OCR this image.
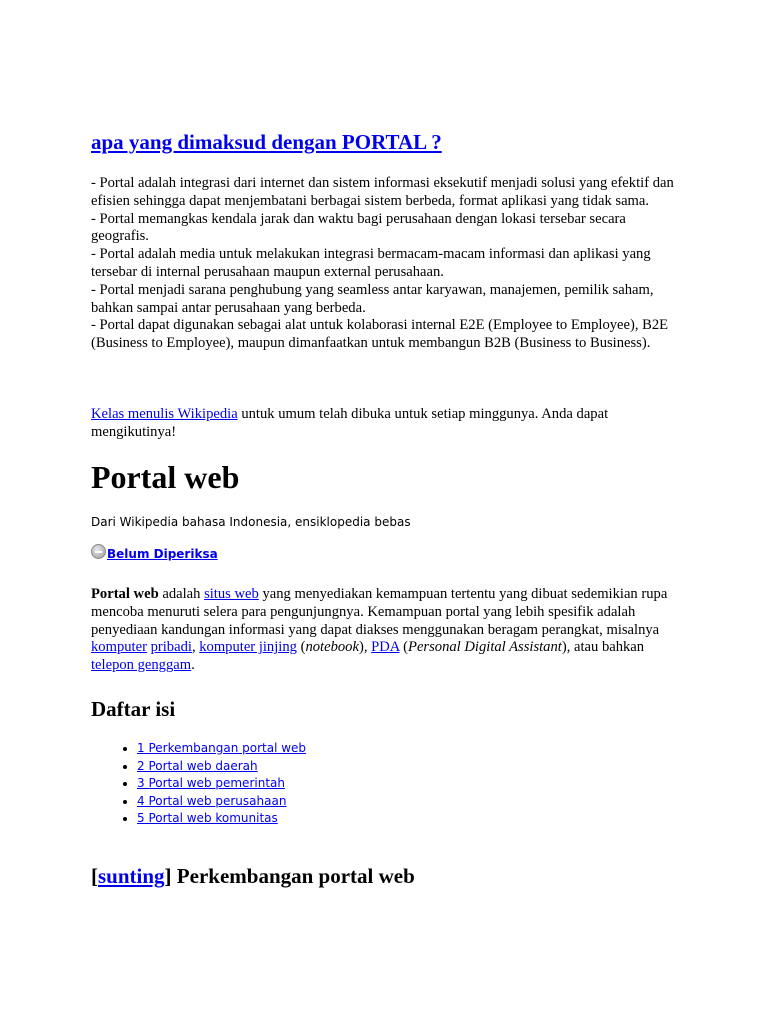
apa yang dimaksud dengan PORTAL ?
- Portal adalah integrasi dari internet dan sistem informasi eksekutif menjadi solusi yang efektif dan efisien sehingga dapat menjembatani berbagai sistem berbeda, format aplikasi yang tidak sama.
- Portal memangkas kendala jarak dan waktu bagi perusahaan dengan lokasi tersebar secara geografis.
- Portal adalah media untuk melakukan integrasi bermacam-macam informasi dan aplikasi yang tersebar di internal perusahaan maupun external perusahaan.
- Portal menjadi sarana penghubung yang seamless antar karyawan, manajemen, pemilik saham, bahkan sampai antar perusahaan yang berbeda.
- Portal dapat digunakan sebagai alat untuk kolaborasi internal E2E (Employee to Employee), B2E (Business to Employee), maupun dimanfaatkan untuk membangun B2B (Business to Business).
Kelas menulis Wikipedia untuk umum telah dibuka untuk setiap minggunya. Anda dapat mengikutinya!
Portal web
Dari Wikipedia bahasa Indonesia, ensiklopedia bebas
Belum Diperiksa
Portal web adalah situs web yang menyediakan kemampuan tertentu yang dibuat sedemikian rupa mencoba menuruti selera para pengunjungnya. Kemampuan portal yang lebih spesifik adalah penyediaan kandungan informasi yang dapat diakses menggunakan beragam perangkat, misalnya komputer pribadi, komputer jinjing (notebook), PDA (Personal Digital Assistant), atau bahkan telepon genggam.
Daftar isi
• 1 Perkembangan portal web
• 2 Portal web daerah
• 3 Portal web pemerintah
• 4 Portal web perusahaan
• 5 Portal web komunitas
[sunting] Perkembangan portal web
